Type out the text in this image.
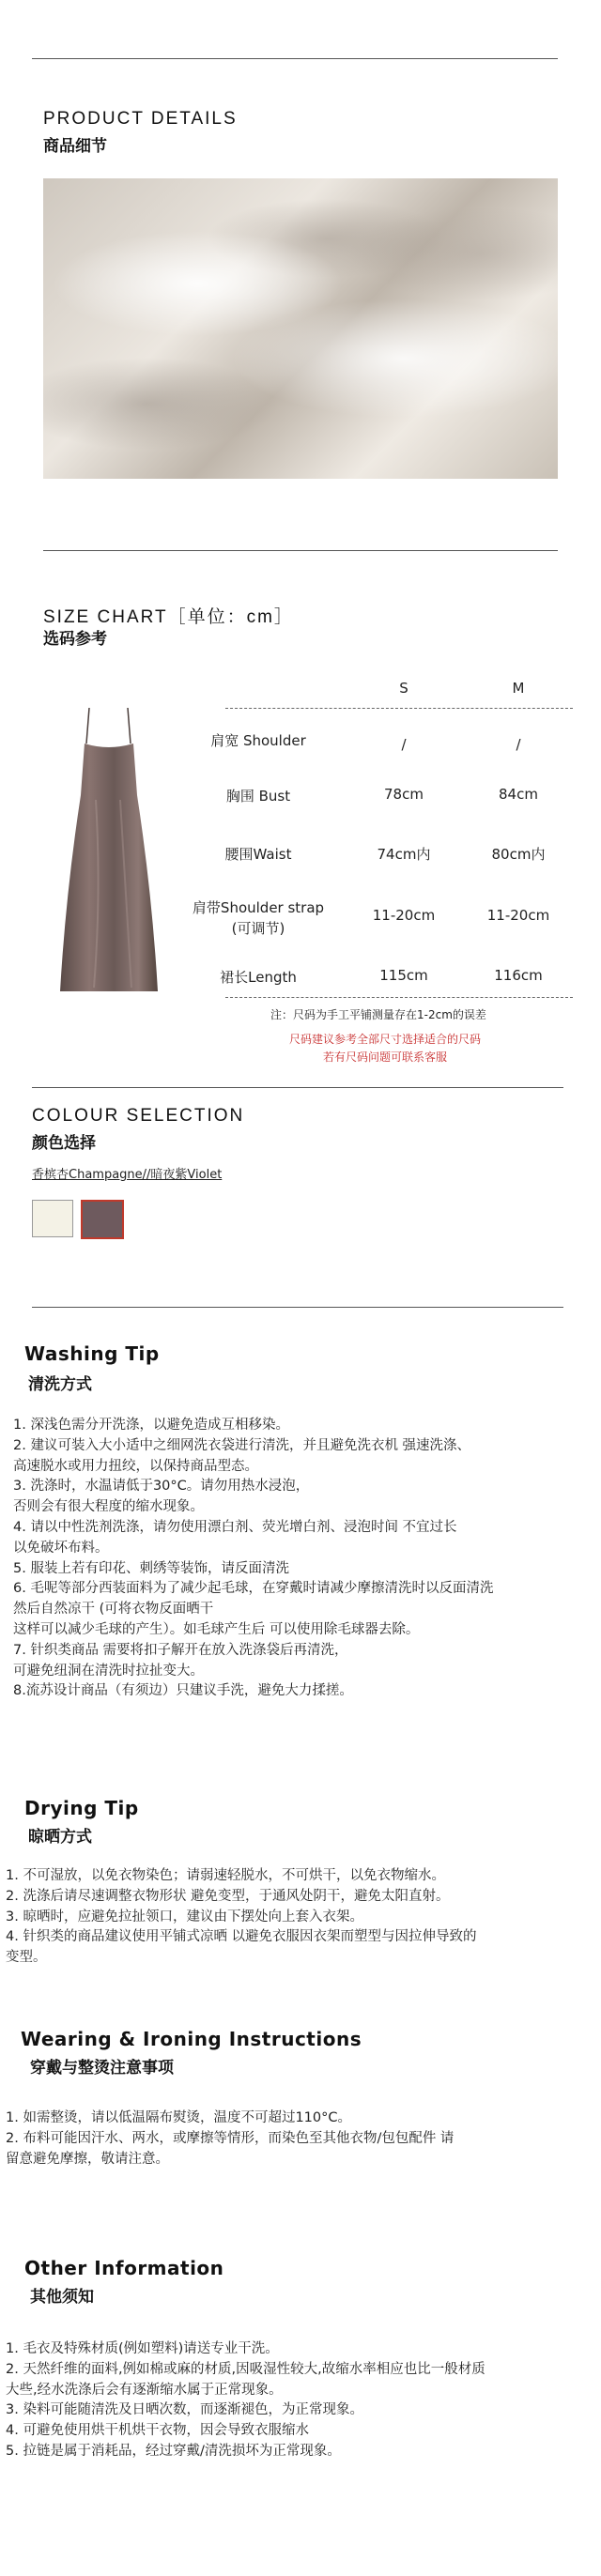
PRODUCT DETAILS
商品细节
SIZE CHART［单位：cm］
选码参考
S	M
肩宽 Shoulder	/	/
胸围 Bust	78cm	84cm
腰围Waist	74cm内	80cm内
肩带Shoulder strap
(可调节)
11-20cm	11-20cm
裙长Length	115cm	116cm
注：尺码为手工平铺测量存在1-2cm的误差
尺码建议参考全部尺寸选择适合的尺码
若有尺码问题可联系客服
COLOUR SELECTION
颜色选择
香槟杏Champagne//暗夜紫Violet
Washing Tip
清洗方式
1. 深浅色需分开洗涤，以避免造成互相移染。
2. 建议可装入大小适中之细网洗衣袋进行清洗，并且避免洗衣机 强速洗涤、
高速脱水或用力扭绞，以保持商品型态。
3. 洗涤时，水温请低于30°C。请勿用热水浸泡，
否则会有很大程度的缩水现象。
4. 请以中性洗剂洗涤，请勿使用漂白剂、荧光增白剂、浸泡时间 不宜过长
以免破坏布料。
5. 服装上若有印花、刺绣等装饰，请反面清洗
6. 毛呢等部分西装面料为了减少起毛球，在穿戴时请减少摩擦清洗时以反面清洗
然后自然凉干 (可将衣物反面晒干
这样可以减少毛球的产生）。如毛球产生后 可以使用除毛球器去除。
7. 针织类商品 需要将扣子解开在放入洗涤袋后再清洗，
可避免纽洞在清洗时拉扯变大。
8.流苏设计商品（有须边）只建议手洗，避免大力揉搓。
Drying Tip
晾晒方式
1. 不可湿放，以免衣物染色；请弱速轻脱水，不可烘干，以免衣物缩水。
2. 洗涤后请尽速调整衣物形状 避免变型，于通风处阴干，避免太阳直射。
3. 晾晒时，应避免拉扯领口，建议由下摆处向上套入衣架。
4. 针织类的商品建议使用平铺式凉晒 以避免衣服因衣架而塑型与因拉伸导致的
变型。
Wearing & Ironing Instructions
穿戴与整烫注意事项
1. 如需整烫，请以低温隔布熨烫，温度不可超过110°C。
2. 布料可能因汗水、两水，或摩擦等情形，而染色至其他衣物/包包配件 请
留意避免摩擦，敬请注意。
Other Information
其他须知
1. 毛衣及特殊材质(例如塑料)请送专业干洗。
2. 天然纤维的面料,例如棉或麻的材质,因吸湿性较大,故缩水率相应也比一般材质
大些,经水洗涤后会有逐渐缩水属于正常现象。
3. 染料可能随清洗及日晒次数，而逐渐褪色，为正常现象。
4. 可避免使用烘干机烘干衣物，因会导致衣服缩水
5. 拉链是属于消耗品，经过穿戴/清洗损坏为正常现象。
